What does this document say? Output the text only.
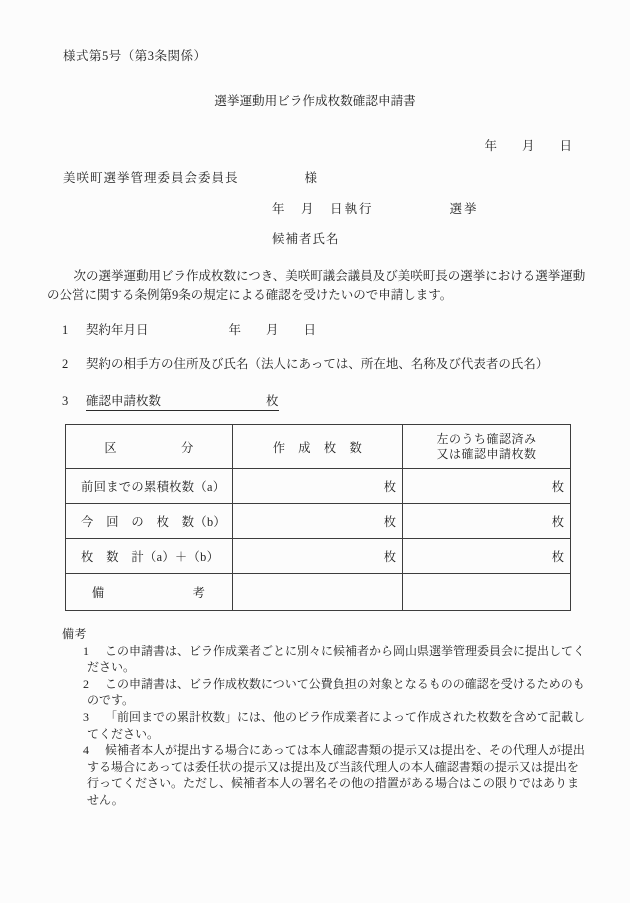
様式第5号（第3条関係）
選挙運動用ビラ作成枚数確認申請書
年　　月　　日
美咲町選挙管理委員会委員長	様
年　月　日執行	選挙
候補者氏名

　次の選挙運動用ビラ作成枚数につき、美咲町議会議員及び美咲町長の選挙における選挙運動の公営に関する条例第9条の規定による確認を受けたいので申請します。

1 契約年月日	年　　月　　日
2 契約の相手方の住所及び氏名（法人にあっては、所在地、名称及び代表者の氏名）
3 確認申請枚数	枚
区　　　　　分	作　成　枚　数	左のうち確認済み
又は確認申請枚数

前回までの累積枚数（a）	枚	枚
今　回　の　枚　数（b）	枚	枚
枚　数　計（a）＋（b）	枚	枚
備　　　　　　　考		
備考
1 この申請書は、ビラ作成業者ごとに別々に候補者から岡山県選挙管理委員会に提出してください。
2 この申請書は、ビラ作成枚数について公費負担の対象となるものの確認を受けるためのものです。
3 「前回までの累計枚数」には、他のビラ作成業者によって作成された枚数を含めて記載してください。
4 候補者本人が提出する場合にあっては本人確認書類の提示又は提出を、その代理人が提出する場合にあっては委任状の提示又は提出及び当該代理人の本人確認書類の提示又は提出を行ってください。ただし、候補者本人の署名その他の措置がある場合はこの限りではありません。
